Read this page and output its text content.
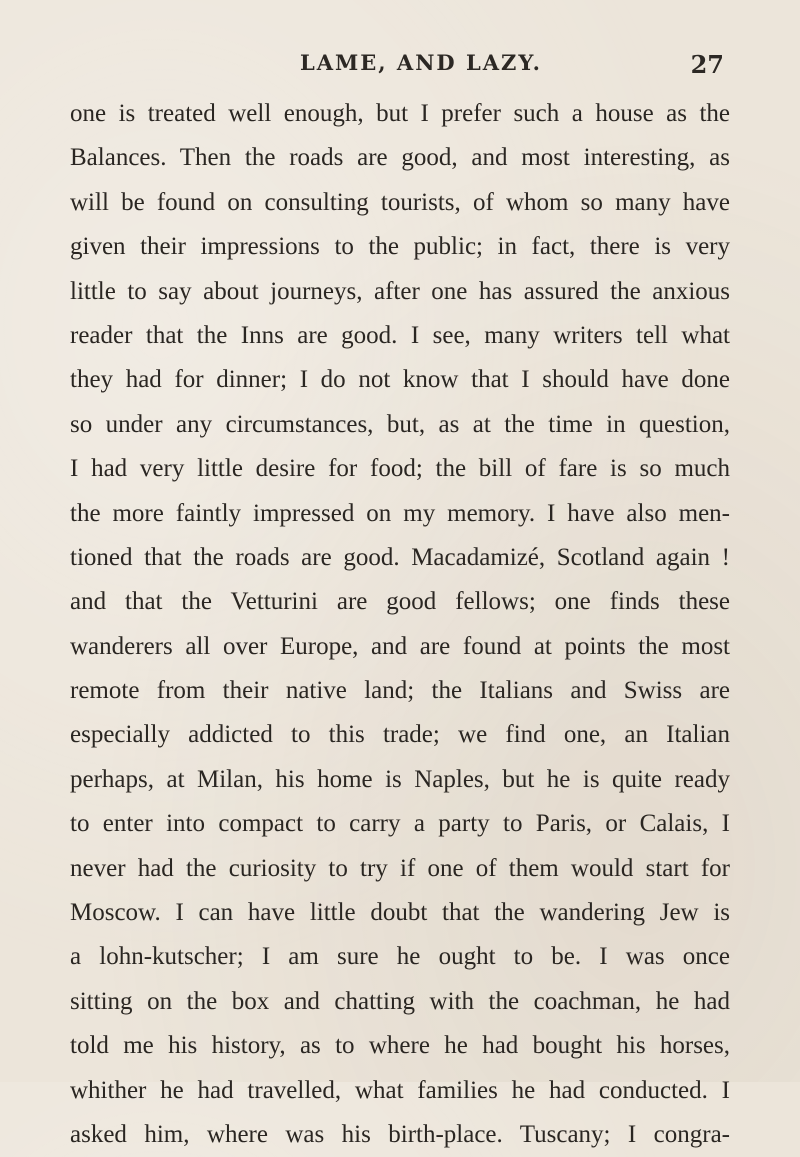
LAME, AND LAZY.	27
one is treated well enough, but I prefer such a house as the
Balances. Then the roads are good, and most interesting, as
will be found on consulting tourists, of whom so many have
given their impressions to the public; in fact, there is very
little to say about journeys, after one has assured the anxious
reader that the Inns are good. I see, many writers tell what
they had for dinner; I do not know that I should have done
so under any circumstances, but, as at the time in question,
I had very little desire for food; the bill of fare is so much
the more faintly impressed on my memory. I have also men-
tioned that the roads are good. Macadamizé, Scotland again !
and that the Vetturini are good fellows; one finds these
wanderers all over Europe, and are found at points the most
remote from their native land; the Italians and Swiss are
especially addicted to this trade; we find one, an Italian
perhaps, at Milan, his home is Naples, but he is quite ready
to enter into compact to carry a party to Paris, or Calais, I
never had the curiosity to try if one of them would start for
Moscow. I can have little doubt that the wandering Jew is
a lohn-kutscher; I am sure he ought to be. I was once
sitting on the box and chatting with the coachman, he had
told me his history, as to where he had bought his horses,
whither he had travelled, what families he had conducted. I
asked him, where was his birth-place. Tuscany; I congra-
